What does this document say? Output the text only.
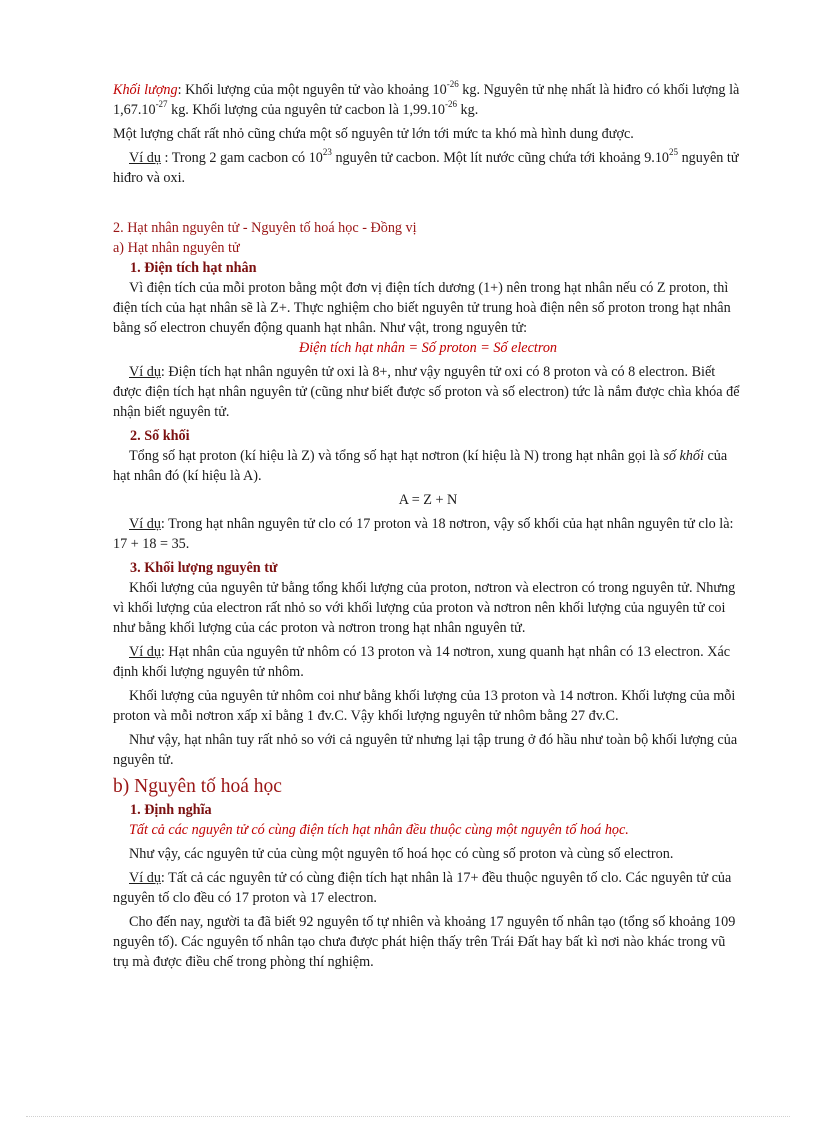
Khối lượng: Khối lượng của một nguyên tử vào khoảng $10^{-26}$ kg. Nguyên tử nhẹ nhất là hiđro có khối lượng là $1,67.10^{-27}$ kg. Khối lượng của nguyên tử cacbon là $1,99.10^{-26}$ kg.

Một lượng chất rất nhỏ cũng chứa một số nguyên tử lớn tới mức ta khó mà hình dung được.

Ví dụ : Trong 2 gam cacbon có $10^{23}$ nguyên tử cacbon. Một lít nước cũng chứa tới khoảng 9.10$^{25}$ nguyên tử hiđro và oxi.

2. Hạt nhân nguyên tử - Nguyên tố hoá học - Đồng vị

a) Hạt nhân nguyên tử

1. Điện tích hạt nhân

Vì điện tích của mỗi proton bằng một đơn vị điện tích dương (1+) nên trong hạt nhân nếu có Z proton, thì điện tích của hạt nhân sẽ là Z+. Thực nghiệm cho biết nguyên tử trung hoà điện nên số proton trong hạt nhân bằng số electron chuyển động quanh hạt nhân. Như vật, trong nguyên tử:

Điện tích hạt nhân = Số proton = Số electron

Ví dụ: Điện tích hạt nhân nguyên tử oxi là 8+, như vậy nguyên tử oxi có 8 proton và có 8 electron. Biết được điện tích hạt nhân nguyên tử (cũng như biết được số proton và số electron) tức là nắm được chìa khóa để nhận biết nguyên tử.

2. Số khối

Tổng số hạt proton (kí hiệu là Z) và tổng số hạt hạt nơtron (kí hiệu là N) trong hạt nhân gọi là số khối của hạt nhân đó (kí hiệu là A).

A = Z + N

Ví dụ: Trong hạt nhân nguyên tử clo có 17 proton và 18 nơtron, vậy số khối của hạt nhân nguyên tử clo là: 17 + 18 = 35.

3. Khối lượng nguyên tử

Khối lượng của nguyên tử bằng tổng khối lượng của proton, nơtron và electron có trong nguyên tử. Nhưng vì khối lượng của electron rất nhỏ so với khối lượng của proton và nơtron nên khối lượng của nguyên tử coi như bằng khối lượng của các proton và nơtron trong hạt nhân nguyên tử.

Ví dụ: Hạt nhân của nguyên tử nhôm có 13 proton và 14 nơtron, xung quanh hạt nhân có 13 electron. Xác định khối lượng nguyên tử nhôm.

Khối lượng của nguyên tử nhôm coi như bằng khối lượng của 13 proton và 14 nơtron. Khối lượng của mỗi proton và mỗi nơtron xấp xỉ bằng 1 đv.C. Vậy khối lượng nguyên tử nhôm bằng 27 đv.C.

Như vậy, hạt nhân tuy rất nhỏ so với cả nguyên tử nhưng lại tập trung ở đó hầu như toàn bộ khối lượng của nguyên tử.

b) Nguyên tố hoá học

1. Định nghĩa

Tất cả các nguyên tử có cùng điện tích hạt nhân đều thuộc cùng một nguyên tố hoá học.

Như vậy, các nguyên tử của cùng một nguyên tố hoá học có cùng số proton và cùng số electron.

Ví dụ: Tất cả các nguyên tử có cùng điện tích hạt nhân là 17+ đều thuộc nguyên tố clo. Các nguyên tử của nguyên tố clo đều có 17 proton và 17 electron.

Cho đến nay, người ta đã biết 92 nguyên tố tự nhiên và khoảng 17 nguyên tố nhân tạo (tổng số khoảng 109 nguyên tố). Các nguyên tố nhân tạo chưa được phát hiện thấy trên Trái Đất hay bất kì nơi nào khác trong vũ trụ mà được điều chế trong phòng thí nghiệm.
